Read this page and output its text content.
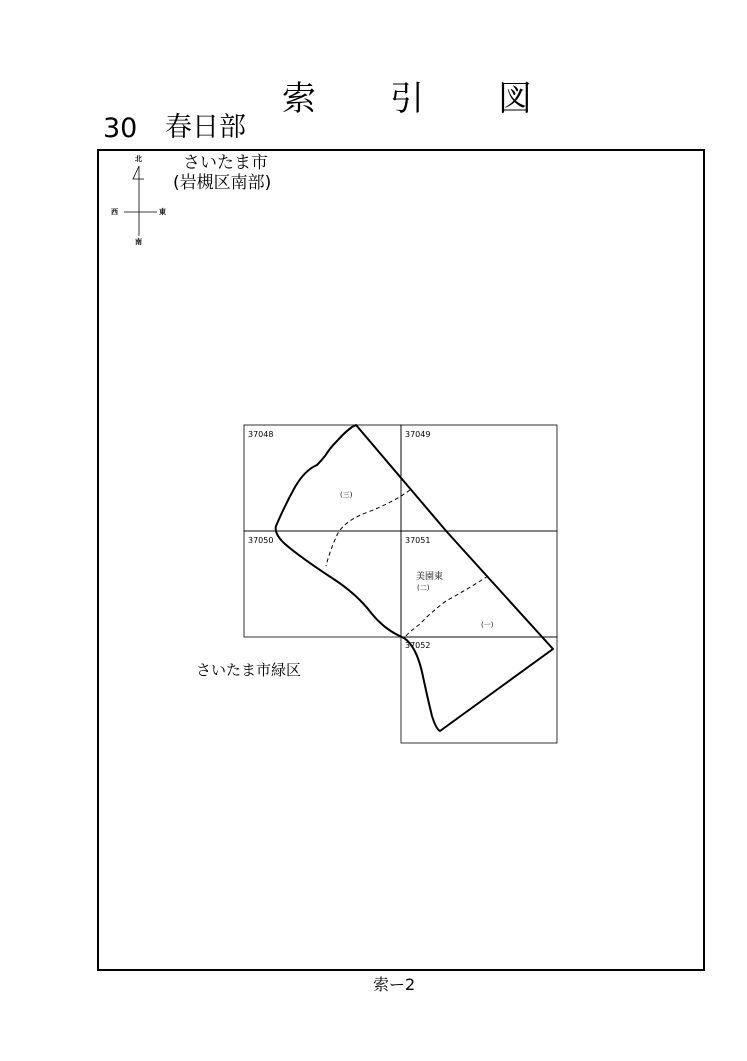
索 引 図
30 春日部
さいたま市
(岩槻区南部)
北
南
東
西
37048	37049
37050	37051
37052
美園東
(三)
(二)
(一)
さいたま市緑区
索ー2
